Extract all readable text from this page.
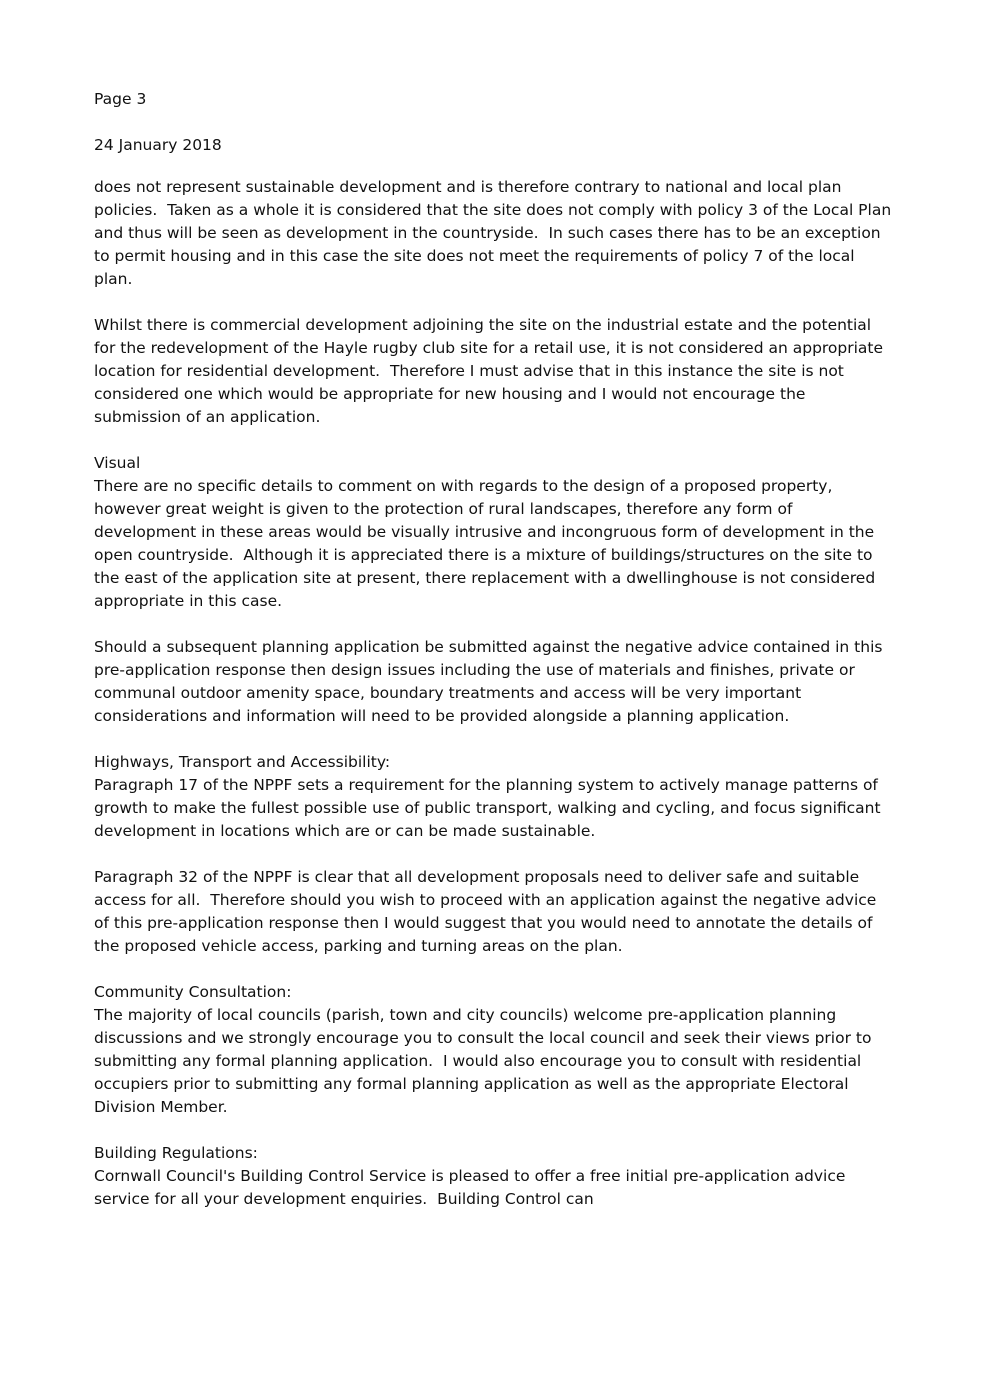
Page 3
24 January 2018
does not represent sustainable development and is therefore contrary to national and local plan policies.  Taken as a whole it is considered that the site does not comply with policy 3 of the Local Plan and thus will be seen as development in the countryside.  In such cases there has to be an exception to permit housing and in this case the site does not meet the requirements of policy 7 of the local plan.
Whilst there is commercial development adjoining the site on the industrial estate and the potential for the redevelopment of the Hayle rugby club site for a retail use, it is not considered an appropriate location for residential development.  Therefore I must advise that in this instance the site is not considered one which would be appropriate for new housing and I would not encourage the submission of an application.
Visual
There are no specific details to comment on with regards to the design of a proposed property, however great weight is given to the protection of rural landscapes, therefore any form of development in these areas would be visually intrusive and incongruous form of development in the open countryside.  Although it is appreciated there is a mixture of buildings/structures on the site to the east of the application site at present, there replacement with a dwellinghouse is not considered appropriate in this case.
Should a subsequent planning application be submitted against the negative advice contained in this pre-application response then design issues including the use of materials and finishes, private or communal outdoor amenity space, boundary treatments and access will be very important considerations and information will need to be provided alongside a planning application.
Highways, Transport and Accessibility:
Paragraph 17 of the NPPF sets a requirement for the planning system to actively manage patterns of growth to make the fullest possible use of public transport, walking and cycling, and focus significant development in locations which are or can be made sustainable.
Paragraph 32 of the NPPF is clear that all development proposals need to deliver safe and suitable access for all.  Therefore should you wish to proceed with an application against the negative advice of this pre-application response then I would suggest that you would need to annotate the details of the proposed vehicle access, parking and turning areas on the plan.
Community Consultation:
The majority of local councils (parish, town and city councils) welcome pre-application planning discussions and we strongly encourage you to consult the local council and seek their views prior to submitting any formal planning application.  I would also encourage you to consult with residential occupiers prior to submitting any formal planning application as well as the appropriate Electoral Division Member.
Building Regulations:
Cornwall Council's Building Control Service is pleased to offer a free initial pre-application advice service for all your development enquiries.  Building Control can
